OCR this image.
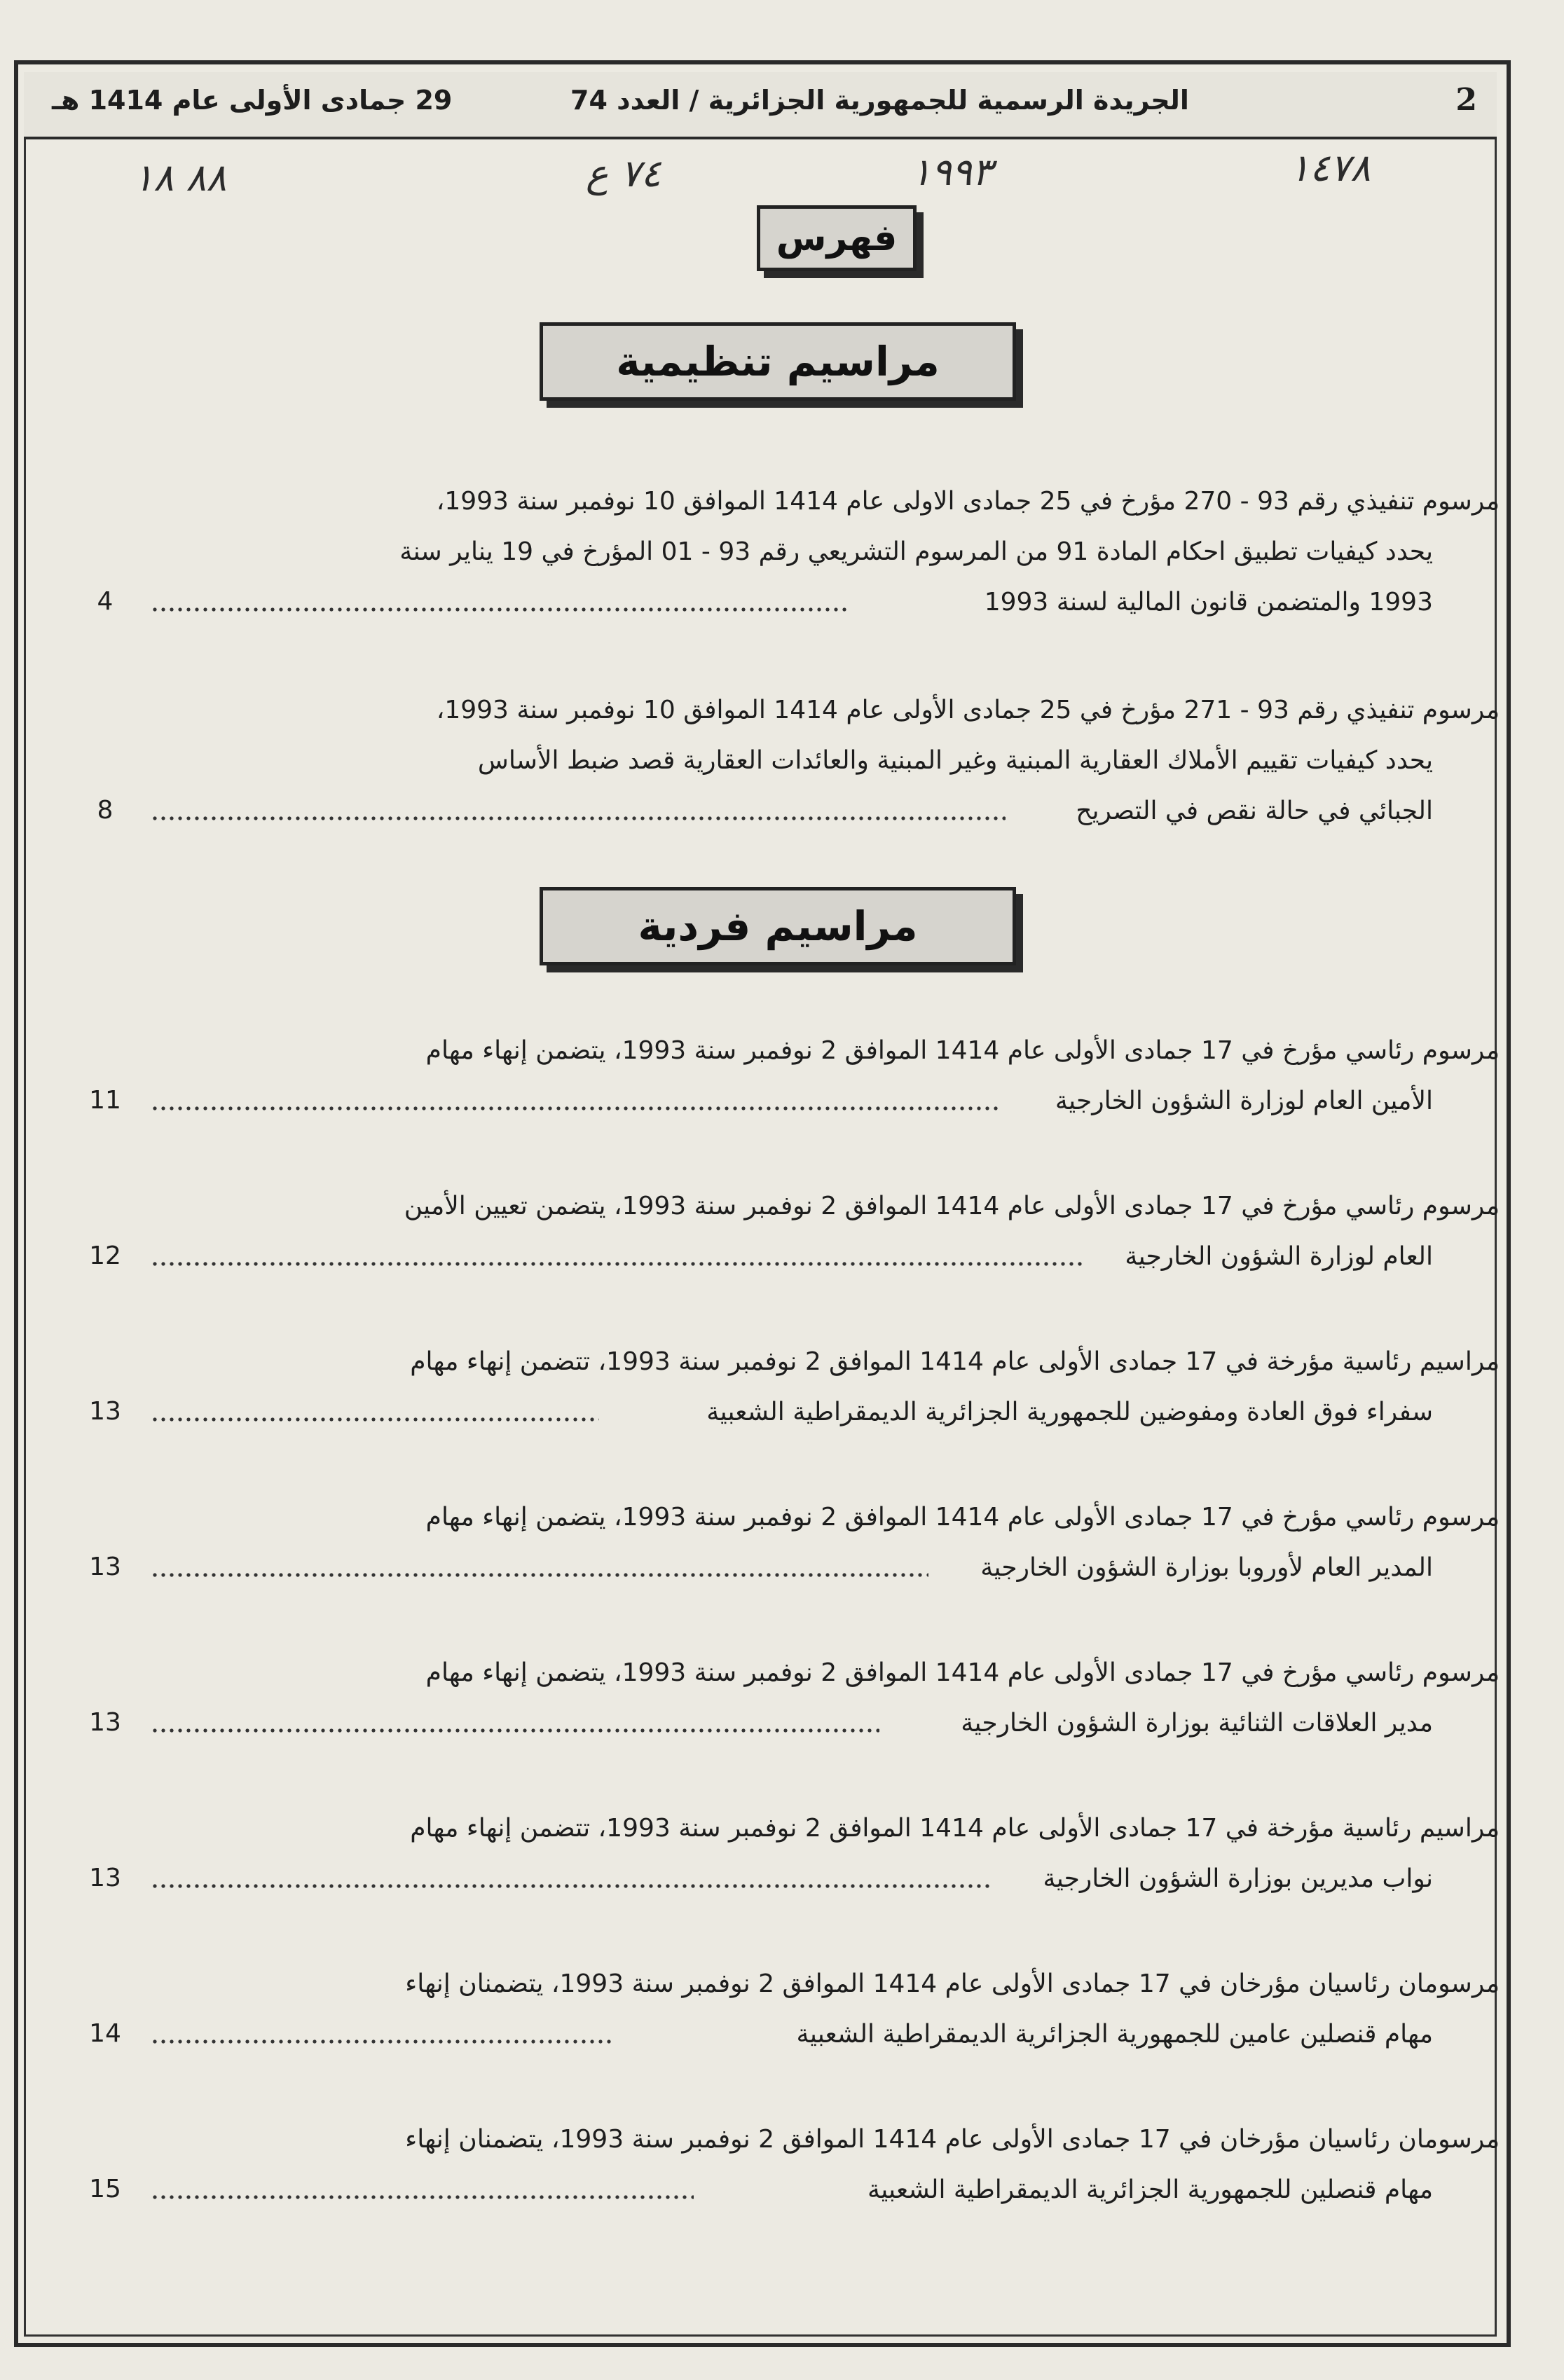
2
الجريدة الرسمية للجمهورية الجزائرية / العدد 74
29 جمادى الأولى عام 1414 هـ
٨٨ ١٨	٧٤ ع	١٩٩٣	١٤٧٨
فهرس
مراسيم تنظيمية
مراسيم فردية
مرسوم تنفيذي رقم 93 - 270 مؤرخ في 25 جمادى الاولى عام 1414 الموافق 10 نوفمبر سنة 1993،
يحدد كيفيات تطبيق احكام المادة 91 من المرسوم التشريعي رقم 93 - 01 المؤرخ في 19 يناير سنة
1993 والمتضمن قانون المالية لسنة 1993
4
مرسوم تنفيذي رقم 93 - 271 مؤرخ في 25 جمادى الأولى عام 1414 الموافق 10 نوفمبر سنة 1993،
يحدد كيفيات تقييم الأملاك العقارية المبنية وغير المبنية والعائدات العقارية قصد ضبط الأساس
الجبائي في حالة نقص في التصريح
8
مرسوم رئاسي مؤرخ في 17 جمادى الأولى عام 1414 الموافق 2 نوفمبر سنة 1993، يتضمن إنهاء مهام
الأمين العام لوزارة الشؤون الخارجية
11
مرسوم رئاسي مؤرخ في 17 جمادى الأولى عام 1414 الموافق 2 نوفمبر سنة 1993، يتضمن تعيين الأمين
العام لوزارة الشؤون الخارجية
12
مراسيم رئاسية مؤرخة في 17 جمادى الأولى عام 1414 الموافق 2 نوفمبر سنة 1993، تتضمن إنهاء مهام
سفراء فوق العادة ومفوضين للجمهورية الجزائرية الديمقراطية الشعبية
13
مرسوم رئاسي مؤرخ في 17 جمادى الأولى عام 1414 الموافق 2 نوفمبر سنة 1993، يتضمن إنهاء مهام
المدير العام لأوروبا بوزارة الشؤون الخارجية
13
مرسوم رئاسي مؤرخ في 17 جمادى الأولى عام 1414 الموافق 2 نوفمبر سنة 1993، يتضمن إنهاء مهام
مدير العلاقات الثنائية بوزارة الشؤون الخارجية
13
مراسيم رئاسية مؤرخة في 17 جمادى الأولى عام 1414 الموافق 2 نوفمبر سنة 1993، تتضمن إنهاء مهام
نواب مديرين بوزارة الشؤون الخارجية
13
مرسومان رئاسيان مؤرخان في 17 جمادى الأولى عام 1414 الموافق 2 نوفمبر سنة 1993، يتضمنان إنهاء
مهام قنصلين عامين للجمهورية الجزائرية الديمقراطية الشعبية
14
مرسومان رئاسيان مؤرخان في 17 جمادى الأولى عام 1414 الموافق 2 نوفمبر سنة 1993، يتضمنان إنهاء
مهام قنصلين للجمهورية الجزائرية الديمقراطية الشعبية
15
